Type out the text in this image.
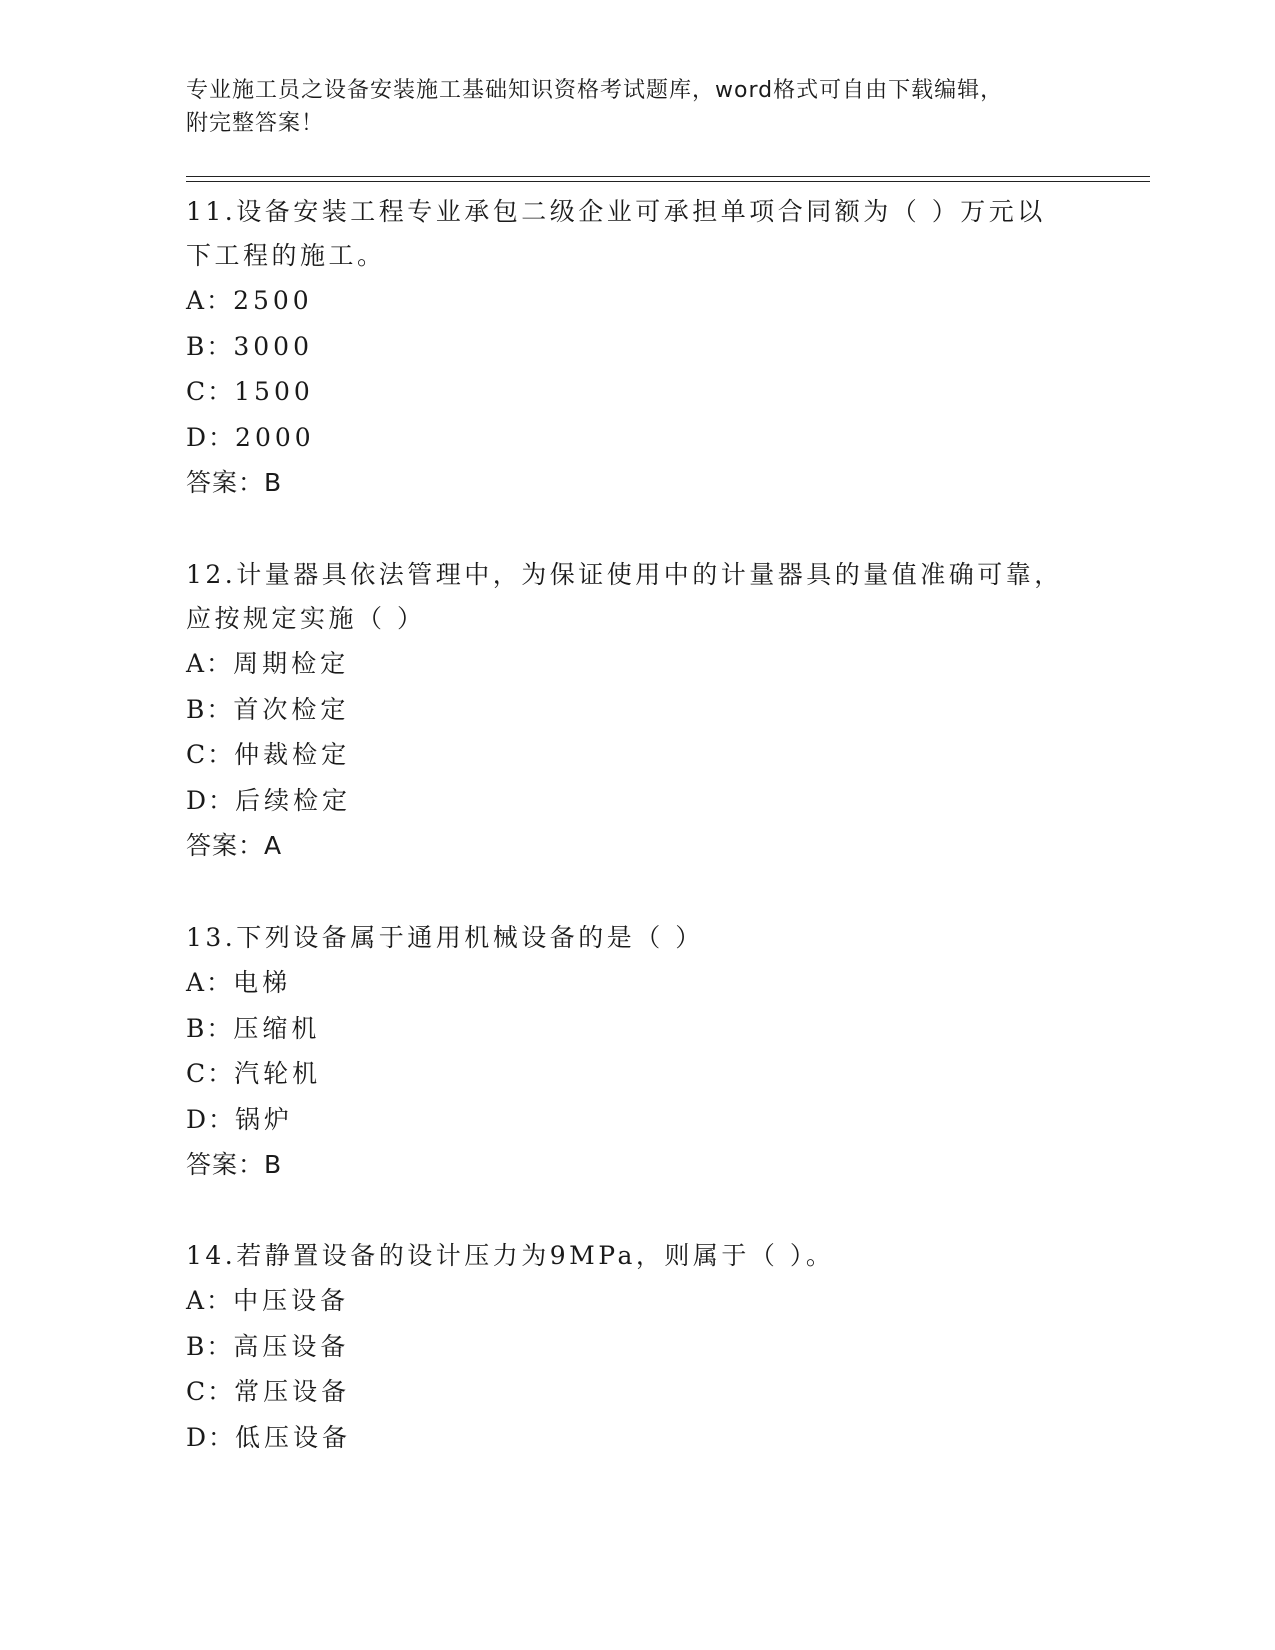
专业施工员之设备安装施工基础知识资格考试题库，word格式可自由下载编辑，
附完整答案！
11.设备安装工程专业承包二级企业可承担单项合同额为（ ）万元以
下工程的施工。
A：2500
B：3000
C：1500
D：2000
答案：B
12.计量器具依法管理中，为保证使用中的计量器具的量值准确可靠，
应按规定实施（ ）
A：周期检定
B：首次检定
C：仲裁检定
D：后续检定
答案：A
13.下列设备属于通用机械设备的是（ ）
A：电梯
B：压缩机
C：汽轮机
D：锅炉
答案：B
14.若静置设备的设计压力为9MPa，则属于（ ）。
A：中压设备
B：高压设备
C：常压设备
D：低压设备
